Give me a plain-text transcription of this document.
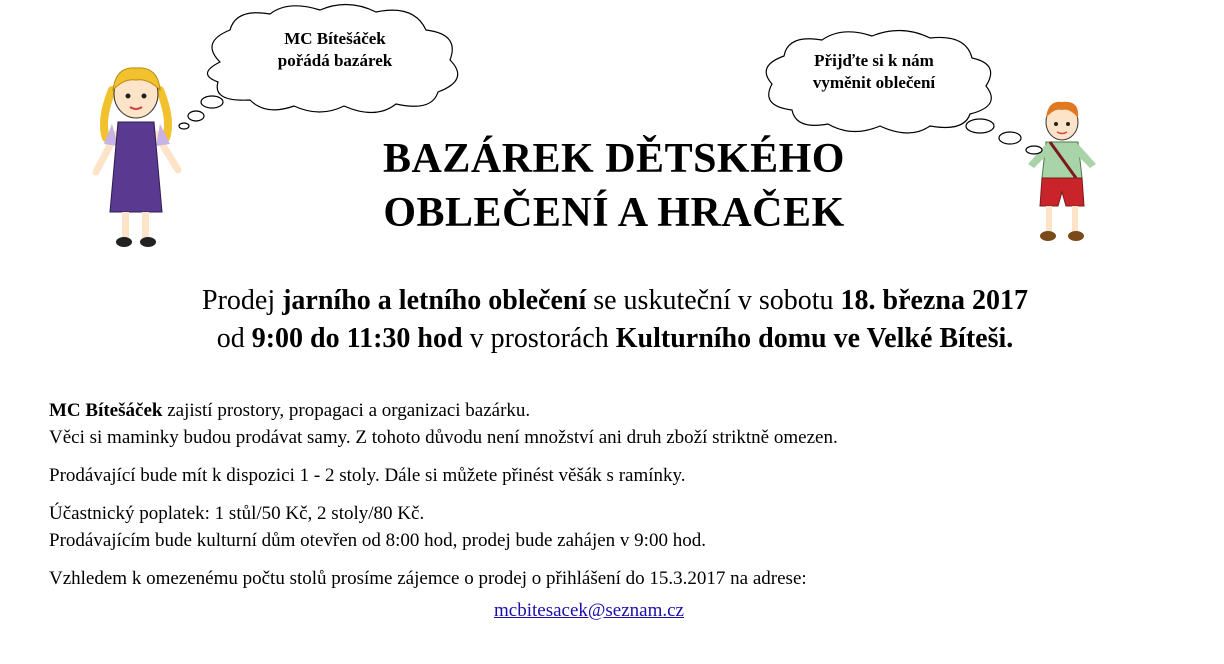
MC Bítešáček
pořádá bazárek	Přijďte si k nám
vyměnit oblečení
BAZÁREK DĚTSKÉHO
OBLEČENÍ A HRAČEK
Prodej jarního a letního oblečení se uskuteční v sobotu 18. března 2017
od 9:00 do 11:30 hod v prostorách Kulturního domu ve Velké Bíteši.

MC Bítešáček zajistí prostory, propagaci a organizaci bazárku.
Věci si maminky budou prodávat samy. Z tohoto důvodu není množství ani druh zboží striktně omezen.

Prodávající bude mít k dispozici 1 - 2 stoly. Dále si můžete přinést věšák s ramínky.

Účastnický poplatek: 1 stůl/50 Kč, 2 stoly/80 Kč.
Prodávajícím bude kulturní dům otevřen od 8:00 hod, prodej bude zahájen v 9:00 hod.

Vzhledem k omezenému počtu stolů prosíme zájemce o prodej o přihlášení do 15.3.2017 na adrese:

mcbitesacek@seznam.cz
